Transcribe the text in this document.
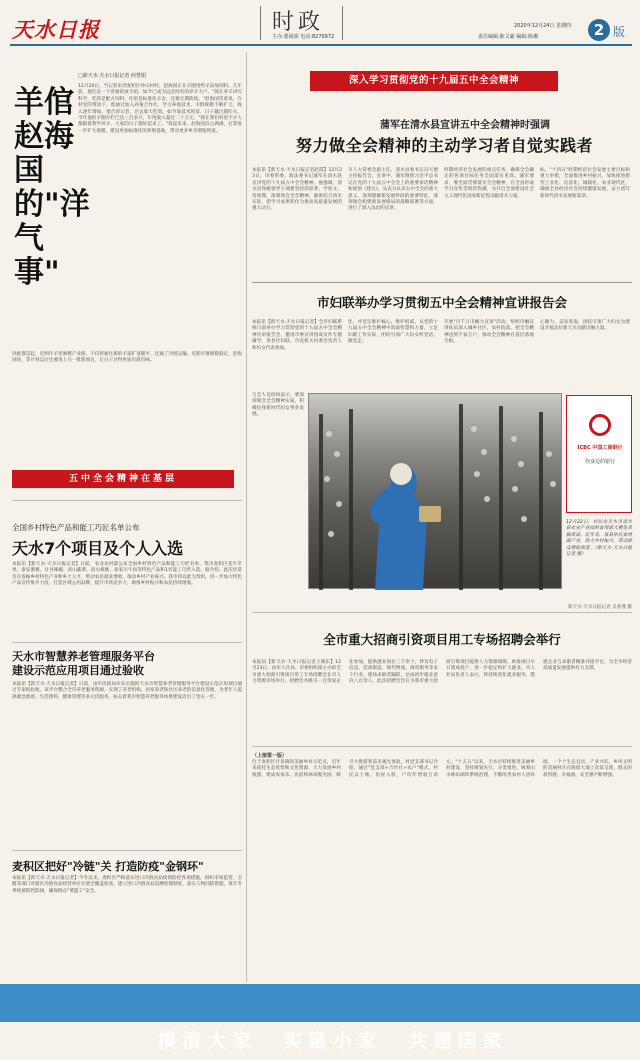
天水日报	时政
主办:要闻部 电话:8270972
2020年12月24日 星期四
责任编辑:陈文豪 编辑:陈潮	2 版
深入学习贯彻党的十九届五中全会精神
蒲军在清水县宣讲五中全会精神时强调
努力做全会精神的主动学习者自觉实践者
本报讯【新天水·天水日报记者赵霞】12月23日，市委常委、政法委书记蒲军在清水县宣讲党的十九届五中全会精神。他强调，清水县各级领导干部要坚持读原著、学原文、悟原理，深刻领会全会精神，紧密结合清水实际，把学习成果转化为推动高质量发展的强大动力。
市人大常委会副主任、清水县委书记冯天德主持报告会。宣讲中，蒲军围绕习近平总书记在党的十九届五中全会上的重要讲话精神和规划《建议》，从充分认识五中全会的重大意义、深刻理解新发展阶段的重要特征、深刻领会构建新发展格局的战略部署等方面，进行了深入浅出的宣讲。
时期经济社会发展的重点任务，确保全会确定的各项目标任务全面落实见效。蒲军要求，要全面贯彻落实全会精神，在全县形成学习宣传贯彻的热潮，为开启全面建设社会主义现代化国家新征程贡献清水力量。
标，"十四五"时期经济社会发展主要目标和重大举措，全面推进乡村振兴，加快推进新型工业化、信息化、城镇化、农业现代化，确保全县经济社会持续健康发展，奋力谱写新时代清水发展新篇章。
市妇联举办学习贯彻五中全会精神宣讲报告会
本报讯【新天水·天水日报记者】全市妇联系统日前举办学习贯彻党的十九届五中全会精神宣讲报告会，邀请市委宣讲团成员作专题辅导，各县区妇联、市直机关妇委会负责人和妇女代表参加。
化、并坚定维护核心、维护权威，从党的十九届五中全会精神中汲取智慧和力量，立足妇联工作实际，团结引领广大妇女听党话、跟党走。
开展"百千万巾帼大宣讲"活动，组织巾帼宣讲队伍深入城乡社区、农村院落，把全会精神送到千家万户，推动全会精神在基层落地生根。
心聚力、奋发进取，团结引领广大妇女为建设幸福美好新天水贡献巾帼力量。
12月22日，村民在天水市清水县农业产业园的食用菌大棚里采摘香菇。近年来，该县依托食用菌产业，助力乡村振兴，带动群众增收致富。（新天水·天水日报记者 摄）
与会人员纷纷表示，要深刻领会全会精神实质，积极投身新时代妇女事业发展。
新天水·天水日报记者 吴春燕 摄
ICBC 中国工商银行
你身边的银行
□新天水·天水日报记者 何慧娟
羊倌赵海国的"洋气事"
12月20日，当记者来到麦积区坪山村时，赵海国正在羊圈里给羊添加饲料。几年前，他还是一个普通的放羊倌，如今已成为远近闻名的养羊大户。"现在养羊讲究科学，吃的是配方饲料，住的是标准化羊舍，还要定期防疫。"赵海国笑着说。在村里的带动下，他通过加入养殖合作社，学习养殖技术，羊群规模不断扩大，收入逐年增加。他告诉记者，过去靠天吃饭，如今靠技术致富，日子越过越红火。今年他的羊圈存栏已达三百多只，年纯收入超过二十万元。"现在我们村里不少人都跟着我学养羊，大家的日子都好起来了。"说起未来，赵海国信心满满，打算进一步扩大规模，建设更加标准化的养殖基地，带动更多乡亲增收致富。
到此都是起，近两年羊里修整产业路，不仅将通往街的羊道扩宽铺平，还通了冷链运输。近期羊群规模稳定，赵海国说，等开春以后还要再上马一批新项目，让日子过得更加有滋有味。
五中全会精神在基层
全国乡村特色产品和能工巧匠名单公布
天水7个项目及个人入选
本报讯【新天水·天水日报记者】日前，农业农村部公布全国乡村特色产品和能工巧匠名单，我市麦积区花牛苹果、秦安蜜桃、甘谷辣椒、武山蔬菜、清水核桃、张家川牛肉等特色产品和1名能工巧匠入选。据介绍，此次评选旨在发掘乡村特色产业和乡土人才，带动农民就业增收，推动乡村产业振兴。我市将以此为契机，进一步加大特色产品宣传推介力度，打造区域公用品牌，提升市场竞争力，助推乡村振兴和农民持续增收。
天水市智慧养老管理服务平台
建设示范应用项目通过验收
本报讯【新天水·天水日报记者】日前，由市民政局牵头实施的天水市智慧养老管理服务平台建设示范应用项目通过专家组验收。该平台整合全市养老服务资源，实现了养老机构、居家养老和社区养老的信息化管理，为老年人提供紧急救助、生活照料、健康管理等多元化服务，标志着我市智慧养老服务体系建设迈出了坚实一步。
麦积区把好"冷链"关 打造防疫"金钢环"
本报讯【新天水·天水日报记者】今冬以来，麦积区严格落实进口冷链食品疫情防控各项措施，组织市场监管、卫健等部门对辖区冷链食品经营单位开展全覆盖检查，建立进口冷链食品追溯管理制度，落实人物同防措施，筑牢冬季疫情防控防线，确保群众"菜篮子"安全。
全市重大招商引资项目用工专场招聘会举行
本报讯【新天水·天水日报记者王晓东】12月23日，由市人社局、市委组织部主办的全市重大招商引资项目用工专场招聘会在市人力资源市场举行。招聘会共吸引一百余家企业参加，提供就业岗位三千余个，涉及电子信息、装备制造、现代物流、商贸服务等多个行业。现场求职者踊跃，达成初步就业意向八百余人。此次招聘会旨在为我市重大招商引资项目提供人力资源保障，助推项目早日建成投产，进一步稳定和扩大就业。市人社局负责人表示，将持续优化就业服务，搭建企业与求职者精准对接平台，为全市经济高质量发展提供有力支撑。
（上接第一版）
位于麦积区甘泉镇的美丽乡村示范点，近年来依托生态优势和文化资源，大力发展乡村旅游，建成农家乐、民宿和休闲观光园，吸引大批游客前来观光体验。村党支部书记介绍，通过"党支部+合作社+农户"模式，村民以土地、房屋入股，户均年增收万余元。"十五五"以来，天水市持续推进美丽乡村建设，坚持规划先行、分类推进，统筹山水林田湖草系统治理，不断改善农村人居环境，一个个生态宜居、产业兴旺、乡风文明的美丽村庄在陇原大地上次第呈现，群众的获得感、幸福感、安全感不断增强。

摸清大家  实惠小家  共建国家
